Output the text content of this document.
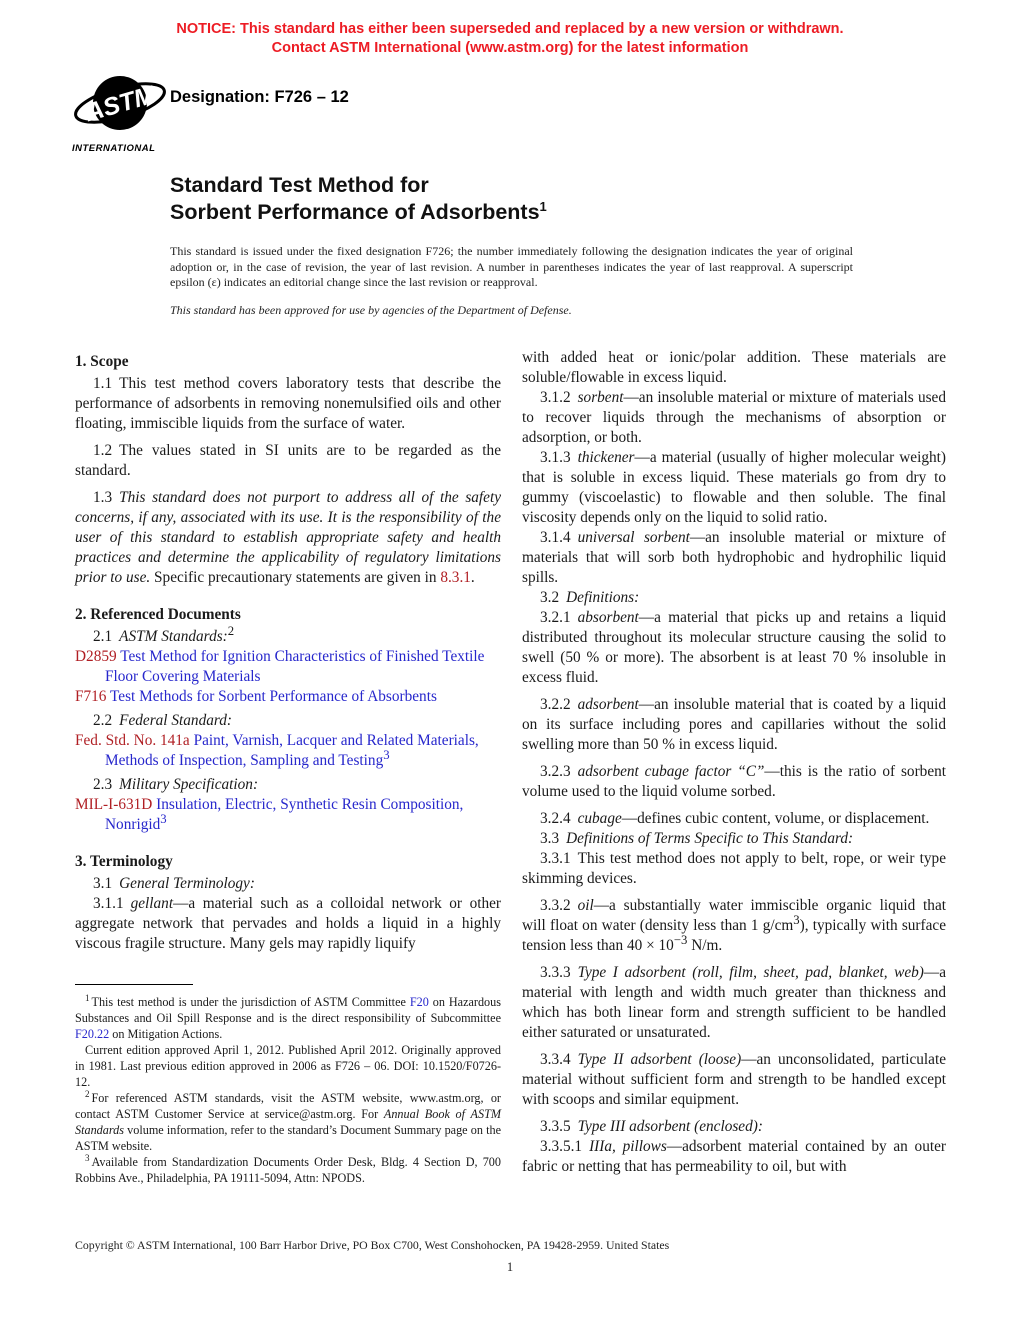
NOTICE: This standard has either been superseded and replaced by a new version or withdrawn.
Contact ASTM International (www.astm.org) for the latest information
ASTM
INTERNATIONAL
Designation: F726 – 12
Standard Test Method for
Sorbent Performance of Adsorbents$^1$
This standard is issued under the fixed designation F726; the number immediately following the designation indicates the year of original adoption or, in the case of revision, the year of last revision. A number in parentheses indicates the year of last reapproval. A superscript epsilon (ε) indicates an editorial change since the last revision or reapproval.
This standard has been approved for use by agencies of the Department of Defense.
1. Scope

1.1 This test method covers laboratory tests that describe the performance of adsorbents in removing nonemulsified oils and other floating, immiscible liquids from the surface of water.

1.2 The values stated in SI units are to be regarded as the standard.

1.3 This standard does not purport to address all of the safety concerns, if any, associated with its use. It is the responsibility of the user of this standard to establish appropriate safety and health practices and determine the applicability of regulatory limitations prior to use. Specific precautionary statements are given in 8.3.1.

2. Referenced Documents

2.1 ASTM Standards:$^2$

D2859 Test Method for Ignition Characteristics of Finished Textile Floor Covering Materials

F716 Test Methods for Sorbent Performance of Absorbents

2.2 Federal Standard:

Fed. Std. No. 141a Paint, Varnish, Lacquer and Related Materials, Methods of Inspection, Sampling and Testing$^3$

2.3 Military Specification:

MIL-I-631D Insulation, Electric, Synthetic Resin Composition, Nonrigid$^3$

3. Terminology

3.1 General Terminology:

3.1.1 gellant—a material such as a colloidal network or other aggregate network that pervades and holds a liquid in a highly viscous fragile structure. Many gels may rapidly liquify

with added heat or ionic/polar addition. These materials are soluble/flowable in excess liquid.

3.1.2 sorbent—an insoluble material or mixture of materials used to recover liquids through the mechanisms of absorption or adsorption, or both.

3.1.3 thickener—a material (usually of higher molecular weight) that is soluble in excess liquid. These materials go from dry to gummy (viscoelastic) to flowable and then soluble. The final viscosity depends only on the liquid to solid ratio.

3.1.4 universal sorbent—an insoluble material or mixture of materials that will sorb both hydrophobic and hydrophilic liquid spills.

3.2 Definitions:

3.2.1 absorbent—a material that picks up and retains a liquid distributed throughout its molecular structure causing the solid to swell (50 % or more). The absorbent is at least 70 % insoluble in excess fluid.

3.2.2 adsorbent—an insoluble material that is coated by a liquid on its surface including pores and capillaries without the solid swelling more than 50 % in excess liquid.

3.2.3 adsorbent cubage factor “C”—this is the ratio of sorbent volume used to the liquid volume sorbed.

3.2.4 cubage—defines cubic content, volume, or displacement.

3.3 Definitions of Terms Specific to This Standard:

3.3.1 This test method does not apply to belt, rope, or weir type skimming devices.

3.3.2 oil—a substantially water immiscible organic liquid that will float on water (density less than 1 $g/cm^3$), typically with surface tension less than $40 \times 10^{-3}$ N/m.

3.3.3 Type I adsorbent (roll, film, sheet, pad, blanket, web)—a material with length and width much greater than thickness and which has both linear form and strength sufficient to be handled either saturated or unsaturated.

3.3.4 Type II adsorbent (loose)—an unconsolidated, particulate material without sufficient form and strength to be handled except with scoops and similar equipment.

3.3.5 Type III adsorbent (enclosed):

3.3.5.1 IIIa, pillows—adsorbent material contained by an outer fabric or netting that has permeability to oil, but with

$^1$ This test method is under the jurisdiction of ASTM Committee F20 on Hazardous Substances and Oil Spill Response and is the direct responsibility of Subcommittee F20.22 on Mitigation Actions.

Current edition approved April 1, 2012. Published April 2012. Originally approved in 1981. Last previous edition approved in 2006 as F726 – 06. DOI: 10.1520/F0726-12.

$^2$ For referenced ASTM standards, visit the ASTM website, www.astm.org, or contact ASTM Customer Service at service@astm.org. For Annual Book of ASTM Standards volume information, refer to the standard’s Document Summary page on the ASTM website.

$^3$ Available from Standardization Documents Order Desk, Bldg. 4 Section D, 700 Robbins Ave., Philadelphia, PA 19111-5094, Attn: NPODS.

Copyright © ASTM International, 100 Barr Harbor Drive, PO Box C700, West Conshohocken, PA 19428-2959. United States
1
